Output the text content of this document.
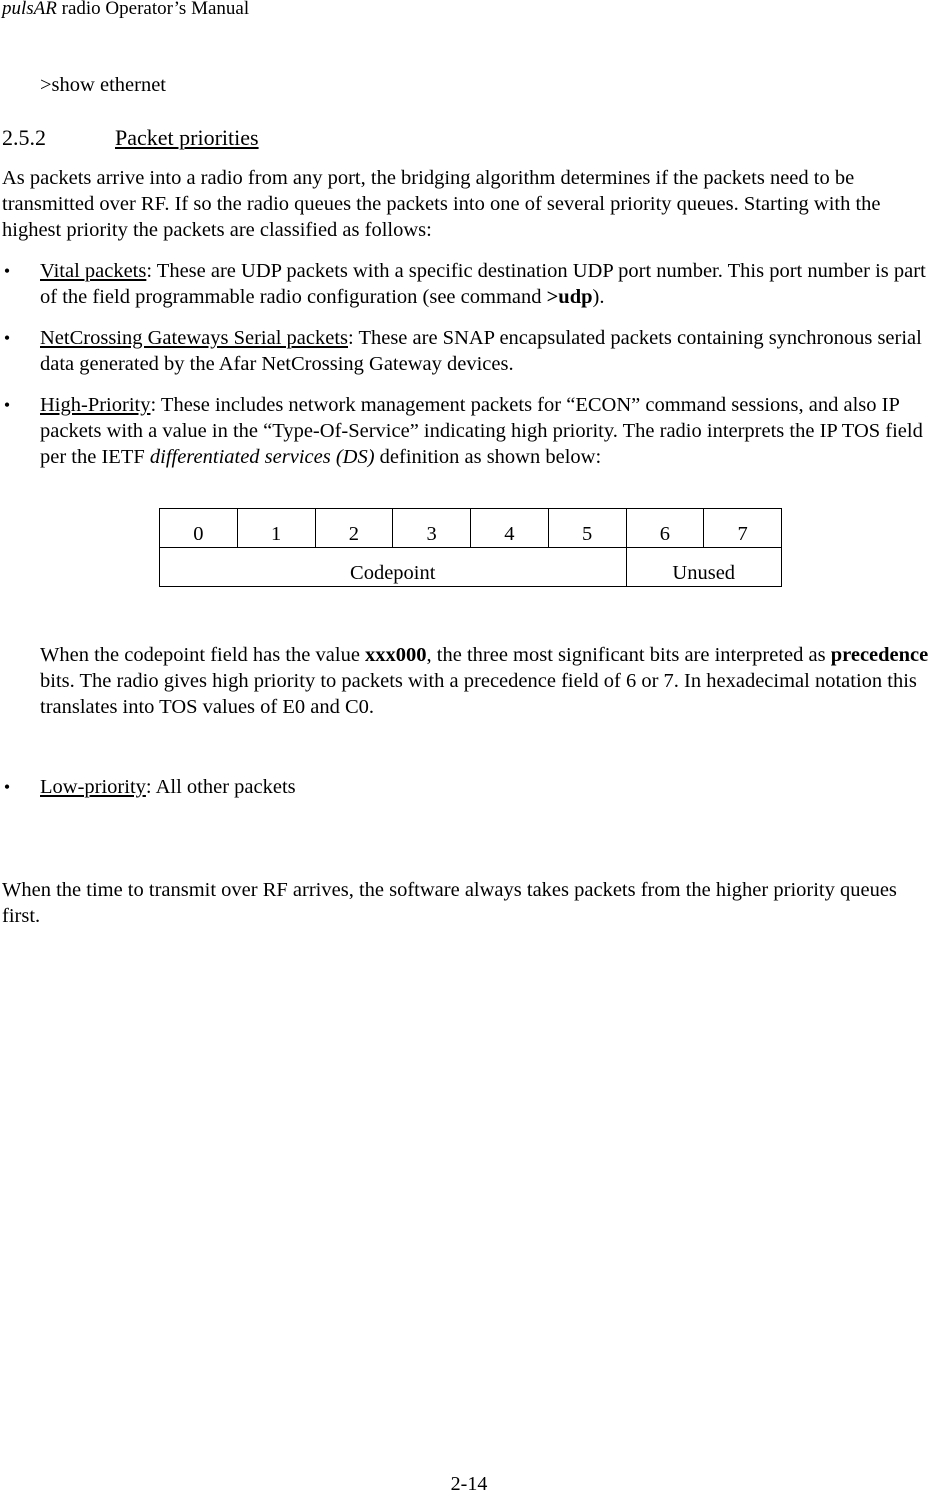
pulsAR radio Operator’s Manual
>show ethernet
2.5.2	Packet priorities
As packets arrive into a radio from any port, the bridging algorithm determines if the packets need to be transmitted over RF. If so the radio queues the packets into one of several priority queues. Starting with the highest priority the packets are classified as follows:
• Vital packets: These are UDP packets with a specific destination UDP port number. This port number is part of the field programmable radio configuration (see command >udp).
• NetCrossing Gateways Serial packets: These are SNAP encapsulated packets containing synchronous serial data generated by the Afar NetCrossing Gateway devices.
• High-Priority: These includes network management packets for “ECON” command sessions, and also IP packets with a value in the “Type-Of-Service” indicating high priority. The radio interprets the IP TOS field per the IETF differentiated services (DS) definition as shown below:
0	1	2	3	4	5	6	7
Codepoint						Unused	
When the codepoint field has the value xxx000, the three most significant bits are interpreted as precedence bits. The radio gives high priority to packets with a precedence field of 6 or 7. In hexadecimal notation this translates into TOS values of E0 and C0.
• Low-priority: All other packets
When the time to transmit over RF arrives, the software always takes packets from the higher priority queues first.
2-14
